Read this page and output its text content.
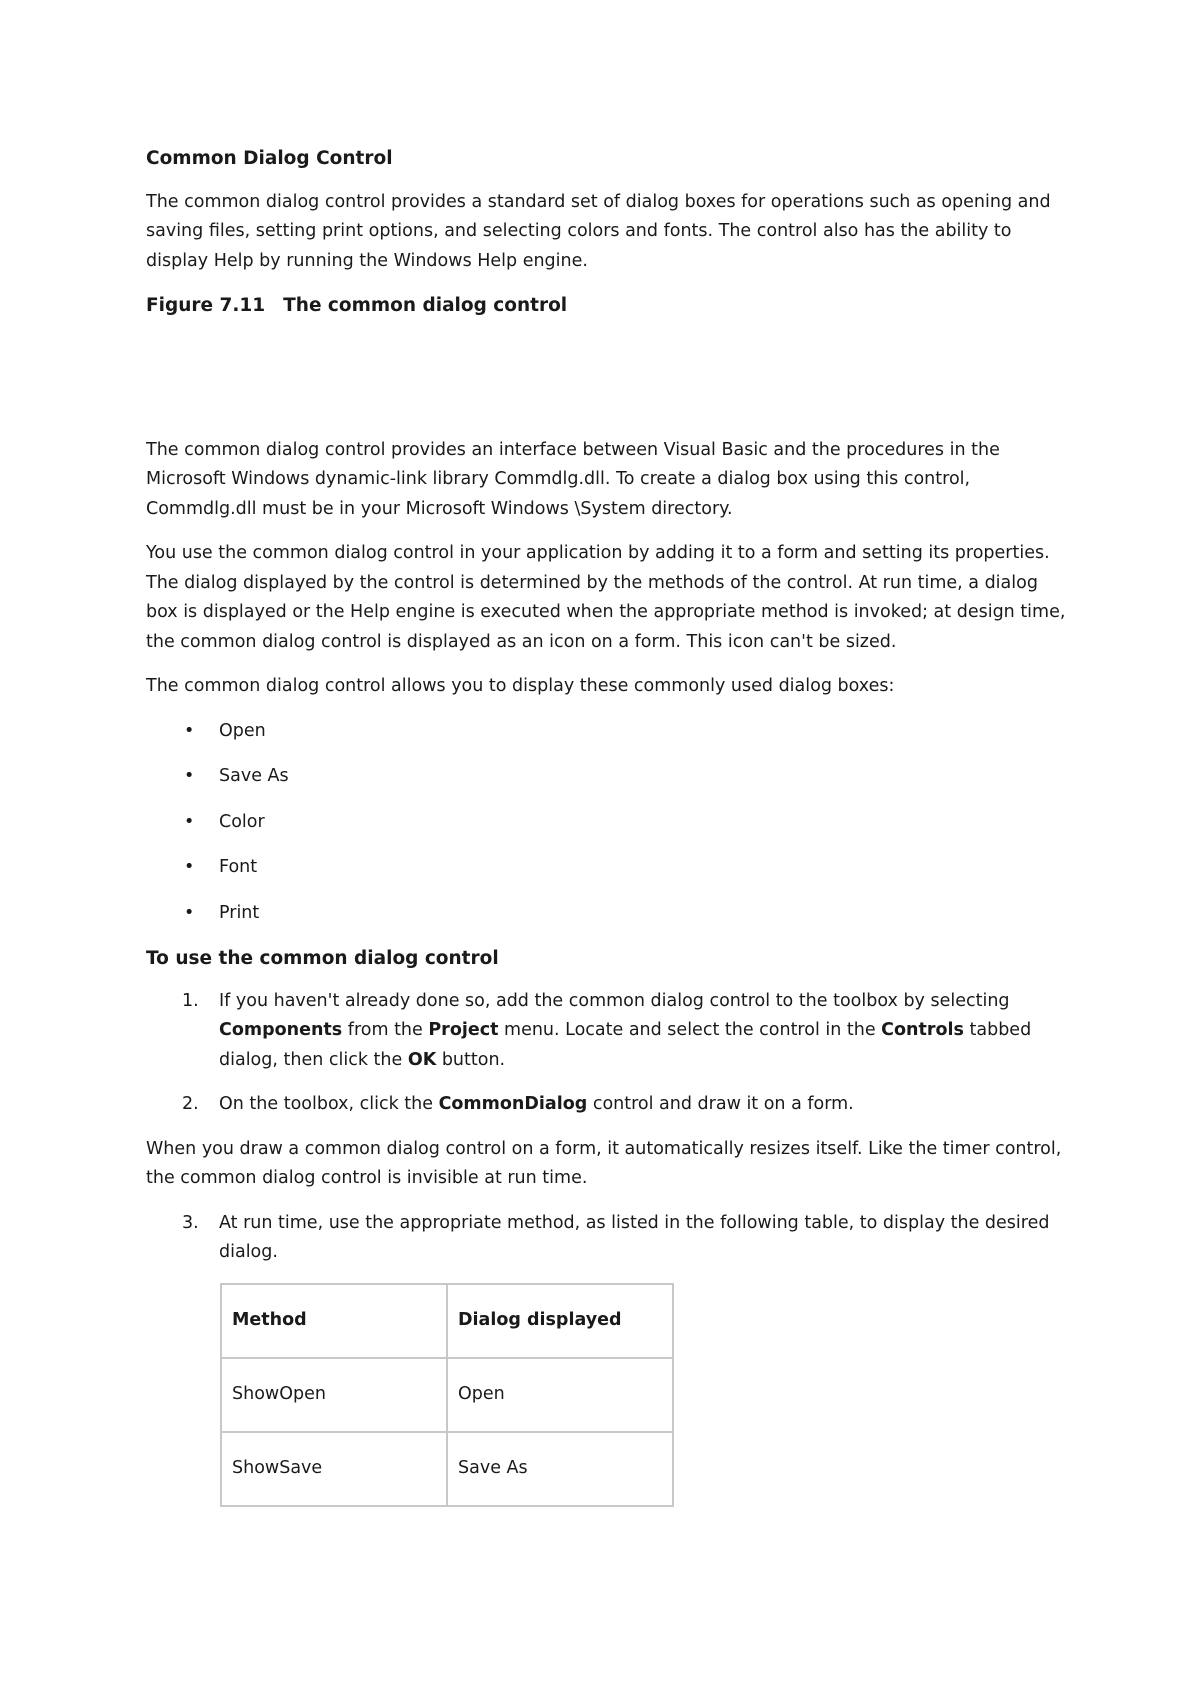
Common Dialog Control

The common dialog control provides a standard set of dialog boxes for operations such as opening and saving files, setting print options, and selecting colors and fonts. The control also has the ability to display Help by running the Windows Help engine.

Figure 7.11 The common dialog control

The common dialog control provides an interface between Visual Basic and the procedures in the Microsoft Windows dynamic-link library Commdlg.dll. To create a dialog box using this control, Commdlg.dll must be in your Microsoft Windows \System directory.

You use the common dialog control in your application by adding it to a form and setting its properties. The dialog displayed by the control is determined by the methods of the control. At run time, a dialog box is displayed or the Help engine is executed when the appropriate method is invoked; at design time, the common dialog control is displayed as an icon on a form. This icon can't be sized.

The common dialog control allows you to display these commonly used dialog boxes:

• Open
• Save As
• Color
• Font
• Print

To use the common dialog control

1. If you haven't already done so, add the common dialog control to the toolbox by selecting Components from the Project menu. Locate and select the control in the Controls tabbed dialog, then click the OK button.
2. On the toolbox, click the CommonDialog control and draw it on a form.

When you draw a common dialog control on a form, it automatically resizes itself. Like the timer control, the common dialog control is invisible at run time.

3. At run time, use the appropriate method, as listed in the following table, to display the desired dialog.
Method	Dialog displayed
ShowOpen	Open
ShowSave	Save As
